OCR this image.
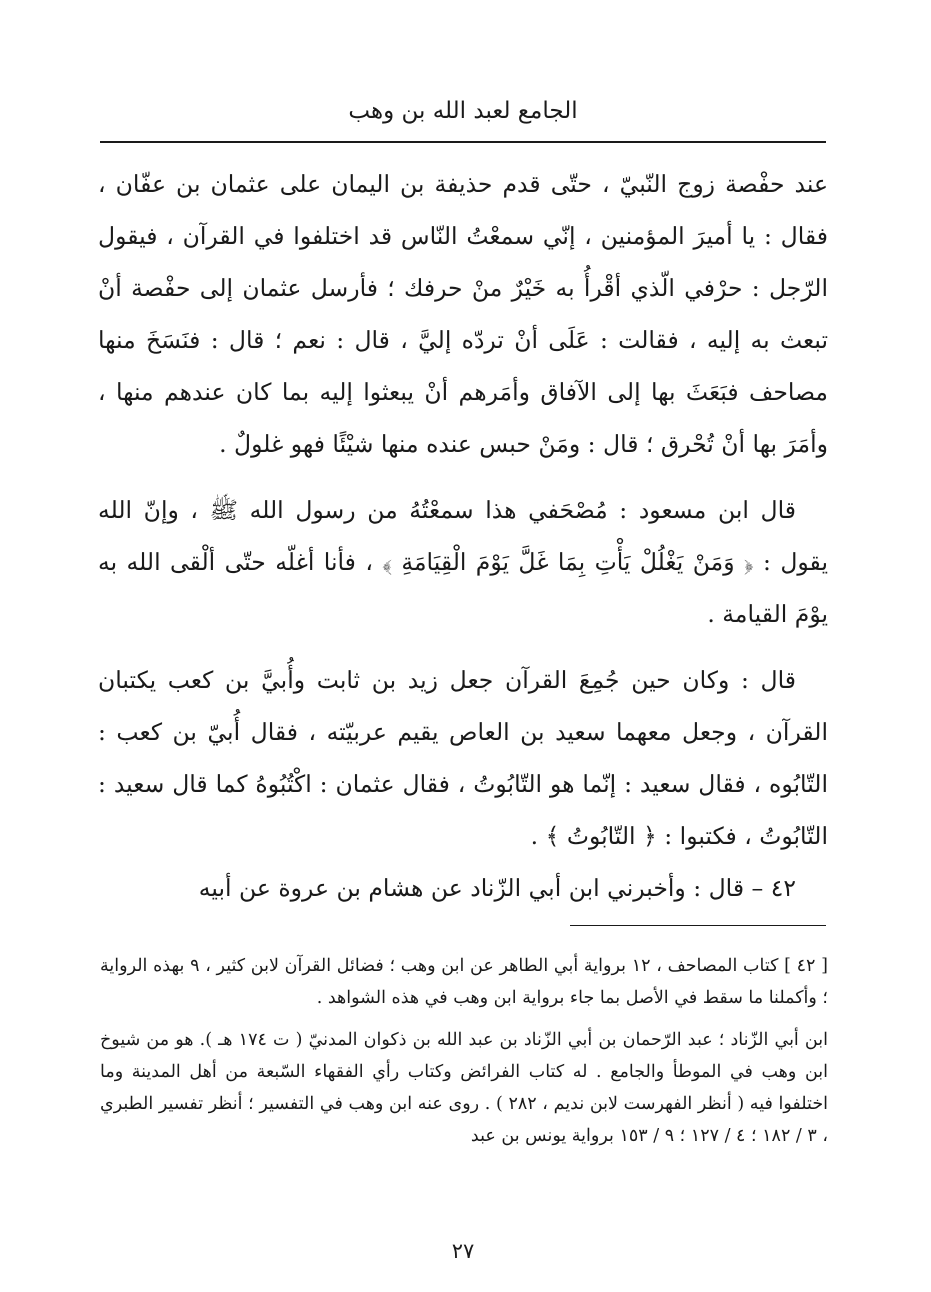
الجامع لعبد الله بن وهب

عند حفْصة زوج النّبيّ ، حتّى قدم حذيفة بن اليمان على عثمان بن عفّان ، فقال : يا أميرَ المؤمنين ، إنّي سمعْتُ النّاس قد اختلفوا في القرآن ، فيقول الرّجل : حرْفي الّذي أقْرأُ به خَيْرٌ منْ حرفك ؛ فأرسل عثمان إلى حفْصة أنْ تبعث به إليه ، فقالت : عَلَى أنْ تردّه إليَّ ، قال : نعم ؛ قال : فنَسَخَ منها مصاحف فبَعَثَ بها إلى الآفاق وأمَرهم أنْ يبعثوا إليه بما كان عندهم منها ، وأمَرَ بها أنْ تُحْرق ؛ قال : ومَنْ حبس عنده منها شيْئًا فهو غلولٌ .

قال ابن مسعود : مُصْحَفي هذا سمعْتُهُ من رسول الله ﷺ ، وإنّ الله يقول : ﴿ وَمَنْ يَغْلُلْ يَأْتِ بِمَا غَلَّ يَوْمَ الْقِيَامَةِ ﴾ ، فأنا أغلّه حتّى ألْقى الله به يوْمَ القيامة .

قال : وكان حين جُمِعَ القرآن جعل زيد بن ثابت وأُبيَّ بن كعب يكتبان القرآن ، وجعل معهما سعيد بن العاص يقيم عربيّته ، فقال أُبيّ بن كعب : التّابُوه ، فقال سعيد : إنّما هو التّابُوتُ ، فقال عثمان : اكْتُبُوهُ كما قال سعيد : التّابُوتُ ، فكتبوا : ﴿ التّابُوتُ ﴾ .

٤٢ – قال : وأخبرني ابن أبي الزّناد عن هشام بن عروة عن أبيه

[ ٤٢ ] كتاب المصاحف ، ١٢ برواية أبي الطاهر عن ابن وهب ؛ فضائل القرآن لابن كثير ، ٩ بهذه الرواية ؛ وأكملنا ما سقط في الأصل بما جاء برواية ابن وهب في هذه الشواهد .

ابن أبي الزّناد ؛ عبد الرّحمان بن أبي الزّناد بن عبد الله بن ذكوان المدنيّ ( ت ١٧٤ هـ ). هو من شيوخ ابن وهب في الموطأ والجامع . له كتاب الفرائض وكتاب رأي الفقهاء السّبعة من أهل المدينة وما اختلفوا فيه ( أنظر الفهرست لابن نديم ، ٢٨٢ ) . روى عنه ابن وهب في التفسير ؛ أنظر تفسير الطبري ، ٣ / ١٨٢ ؛ ٤ / ١٢٧ ؛ ٩ / ١٥٣ برواية يونس بن عبد

٢٧
